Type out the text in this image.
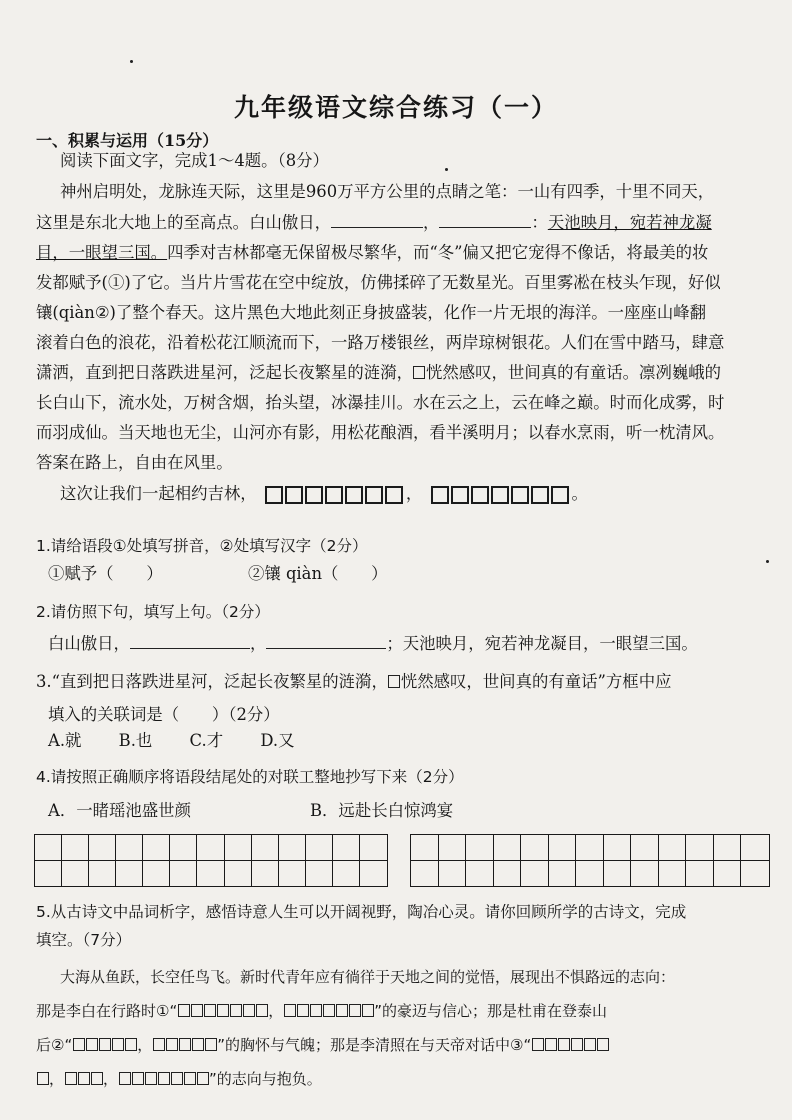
九年级语文综合练习（一）
一、积累与运用（15分）
阅读下面文字，完成1～4题。（8分）
神州启明处，龙脉连天际，这里是960万平方公里的点睛之笔：一山有四季，十里不同天，
这里是东北大地上的至高点。白山傲日，	，	：天池映月，宛若神龙凝
目，一眼望三国。四季对吉林都毫无保留极尽繁华，而“冬”偏又把它宠得不像话，将最美的妆
发都赋予(①)了它。当片片雪花在空中绽放，仿佛揉碎了无数星光。百里雾凇在枝头乍现，好似
镶(qiàn②)了整个春天。这片黑色大地此刻正身披盛装，化作一片无垠的海洋。一座座山峰翻
滚着白色的浪花，沿着松花江顺流而下，一路万楼银丝，两岸琼树银花。人们在雪中踏马，肆意
潇洒，直到把日落跌进星河，泛起长夜繁星的涟漪， 恍然感叹，世间真的有童话。凛冽巍峨的
长白山下，流水处，万树含烟，抬头望，冰瀑挂川。水在云之上，云在峰之巅。时而化成雾，时
而羽成仙。当天地也无尘，山河亦有影，用松花酿酒，看半溪明月；以春水烹雨，听一枕清风。
答案在路上，自由在风里。
这次让我们一起相约吉林，	，	。
1.请给语段①处填写拼音，②处填写汉字（2分）
①赋予（　　）	②镶 qiàn（　　）
2.请仿照下句，填写上句。（2分）
白山傲日，	，	；天池映月，宛若神龙凝目，一眼望三国。
3.“直到把日落跌进星河，泛起长夜繁星的涟漪， 恍然感叹，世间真的有童话”方框中应
填入的关联词是（　　）（2分）
A.就 B.也 C.才 D.又
4.请按照正确顺序将语段结尾处的对联工整地抄写下来（2分）
A．一睹瑶池盛世颜	B．远赴长白惊鸿宴
5.从古诗文中品词析字，感悟诗意人生可以开阔视野，陶冶心灵。请你回顾所学的古诗文，完成
填空。（7分）
大海从鱼跃，长空任鸟飞。新时代青年应有徜徉于天地之间的觉悟，展现出不惧路远的志向：
那是李白在行路时①“	，	”的豪迈与信心；那是杜甫在登泰山
后②“	，	”的胸怀与气魄；那是李清照在与天帝对话中③“
，	，	”的志向与抱负。
